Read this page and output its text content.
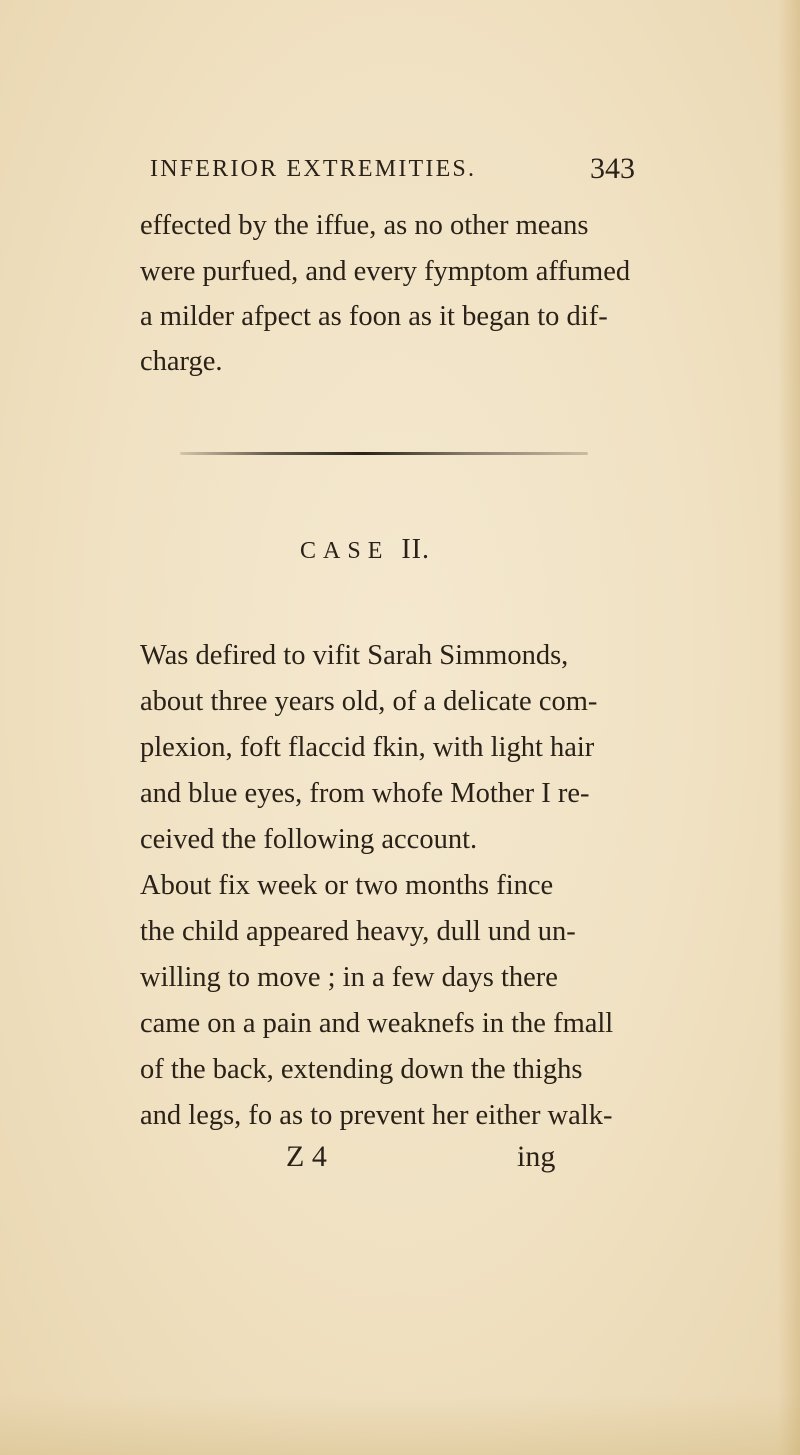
INFERIOR EXTREMITIES.	343
effected by the iffue, as no other means
were purfued, and every fymptom affumed
a milder afpect as foon as it began to dif-
charge.
CASE II.
Was defired to vifit Sarah Simmonds,
about three years old, of a delicate com-
plexion, foft flaccid fkin, with light hair
and blue eyes, from whofe Mother I re-
ceived the following account.
About fix week or two months fince
the child appeared heavy, dull und un-
willing to move ; in a few days there
came on a pain and weaknefs in the fmall
of the back, extending down the thighs
and legs, fo as to prevent her either walk-
Z 4	ing
